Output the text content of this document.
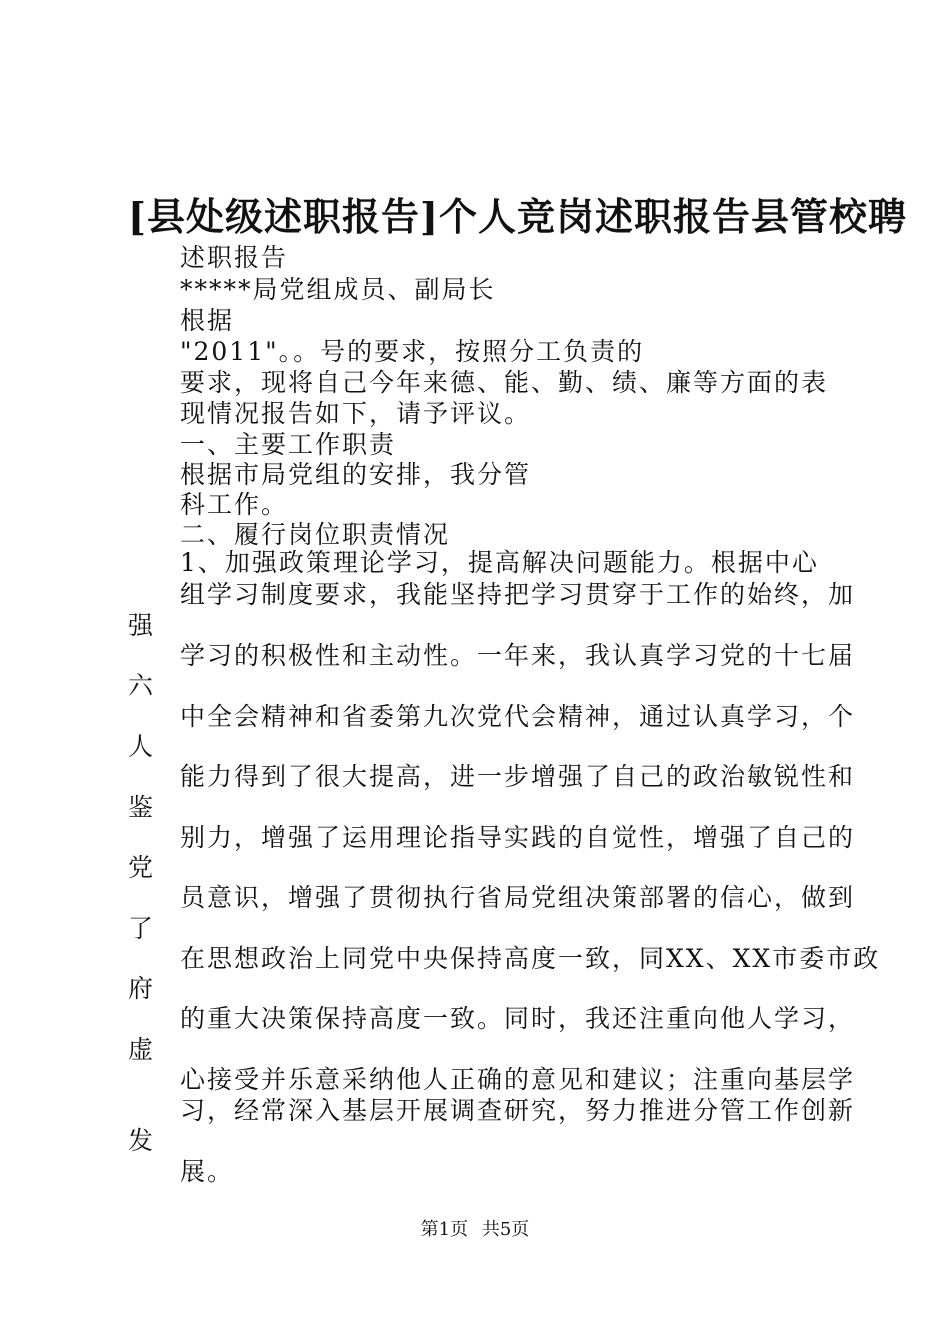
[县处级述职报告]个人竞岗述职报告县管校聘
述职报告
*****局党组成员、副局长
根据
"2011"。。号的要求，按照分工负责的
要求，现将自己今年来德、能、勤、绩、廉等方面的表
现情况报告如下，请予评议。
一、主要工作职责
根据市局党组的安排，我分管
科工作。
二、履行岗位职责情况
1、加强政策理论学习，提高解决问题能力。根据中心
组学习制度要求，我能坚持把学习贯穿于工作的始终，加
学习的积极性和主动性。一年来，我认真学习党的十七届
中全会精神和省委第九次党代会精神，通过认真学习，个
能力得到了很大提高，进一步增强了自己的政治敏锐性和
别力，增强了运用理论指导实践的自觉性，增强了自己的
员意识，增强了贯彻执行省局党组决策部署的信心，做到
在思想政治上同党中央保持高度一致，同XX、XX市委市政
的重大决策保持高度一致。同时，我还注重向他人学习，
心接受并乐意采纳他人正确的意见和建议；注重向基层学
习，经常深入基层开展调查研究，努力推进分管工作创新
展。
强
六
人
鉴
党
了
府
虚
发
第1页 共5页
